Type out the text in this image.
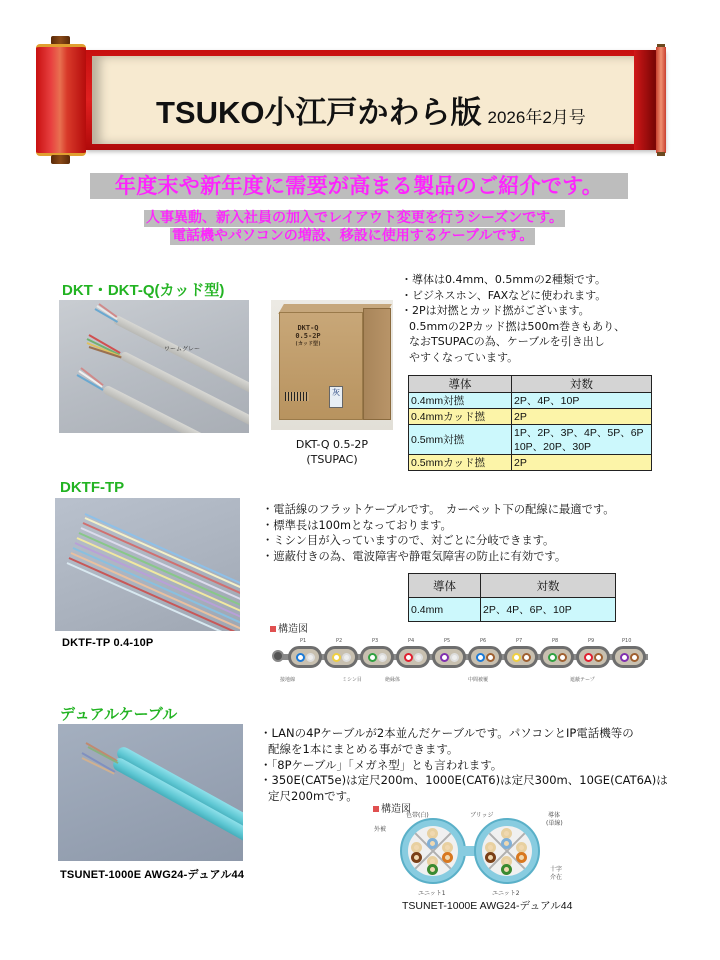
TSUKO小江戸かわら版 2026年2月号
年度末や新年度に需要が高まる製品のご紹介です。
人事異動、新入社員の加入でレイアウト変更を行うシーズンです。
電話機やパソコンの増設、移設に使用するケーブルです。
DKT・DKT-Q(カッド型)
ワームグレー
DKT-Q
0.5-2P
(カッド型)
灰
DKT-Q 0.5-2P
(TSUPAC)
・導体は0.4mm、0.5mmの2種類です。
・ビジネスホン、FAXなどに使われます。
・2Pは対撚とカッド撚がございます。
0.5mmの2Pカッド撚は500m巻きもあり、
なおTSUPACの為、ケーブルを引き出し
やすくなっています。
導体	対数
0.4mm対撚	2P、4P、10P
0.4mmカッド撚	2P
0.5mm対撚	1P、2P、3P、4P、5P、6P
10P、20P、30P

0.5mmカッド撚	2P
DKTF-TP
DKTF-TP 0.4-10P
・電話線のフラットケーブルです。　カーペット下の配線に最適です。
・標準長は100mとなっております。
・ミシン目が入っていますので、対ごとに分岐できます。
・遮蔽付きの為、電波障害や静電気障害の防止に有効です。
導体	対数
0.4mm	2P、4P、6P、10P
構造図
P1	P2	P3	P4	P5	P6	P7	P8	P9	P10
接地線	ミシン目	絶縁体	中間被覆	遮蔽テープ
デュアルケーブル
TSUNET-1000E AWG24-デュアル44
・LANの4Pケーブルが2本並んだケーブルです。パソコンとIP電話機等の
配線を1本にまとめる事ができます。
・「8Pケーブル」「メガネ型」とも言われます。
・350E(CAT5e)は定尺200m、1000E(CAT6)は定尺300m、10GE(CAT6A)は
定尺200mです。
構造図
色帯(白)
外被
ブリッジ	導体
(単線)
十字
介在
ユニット1	ユニット2
TSUNET-1000E AWG24-デュアル44
